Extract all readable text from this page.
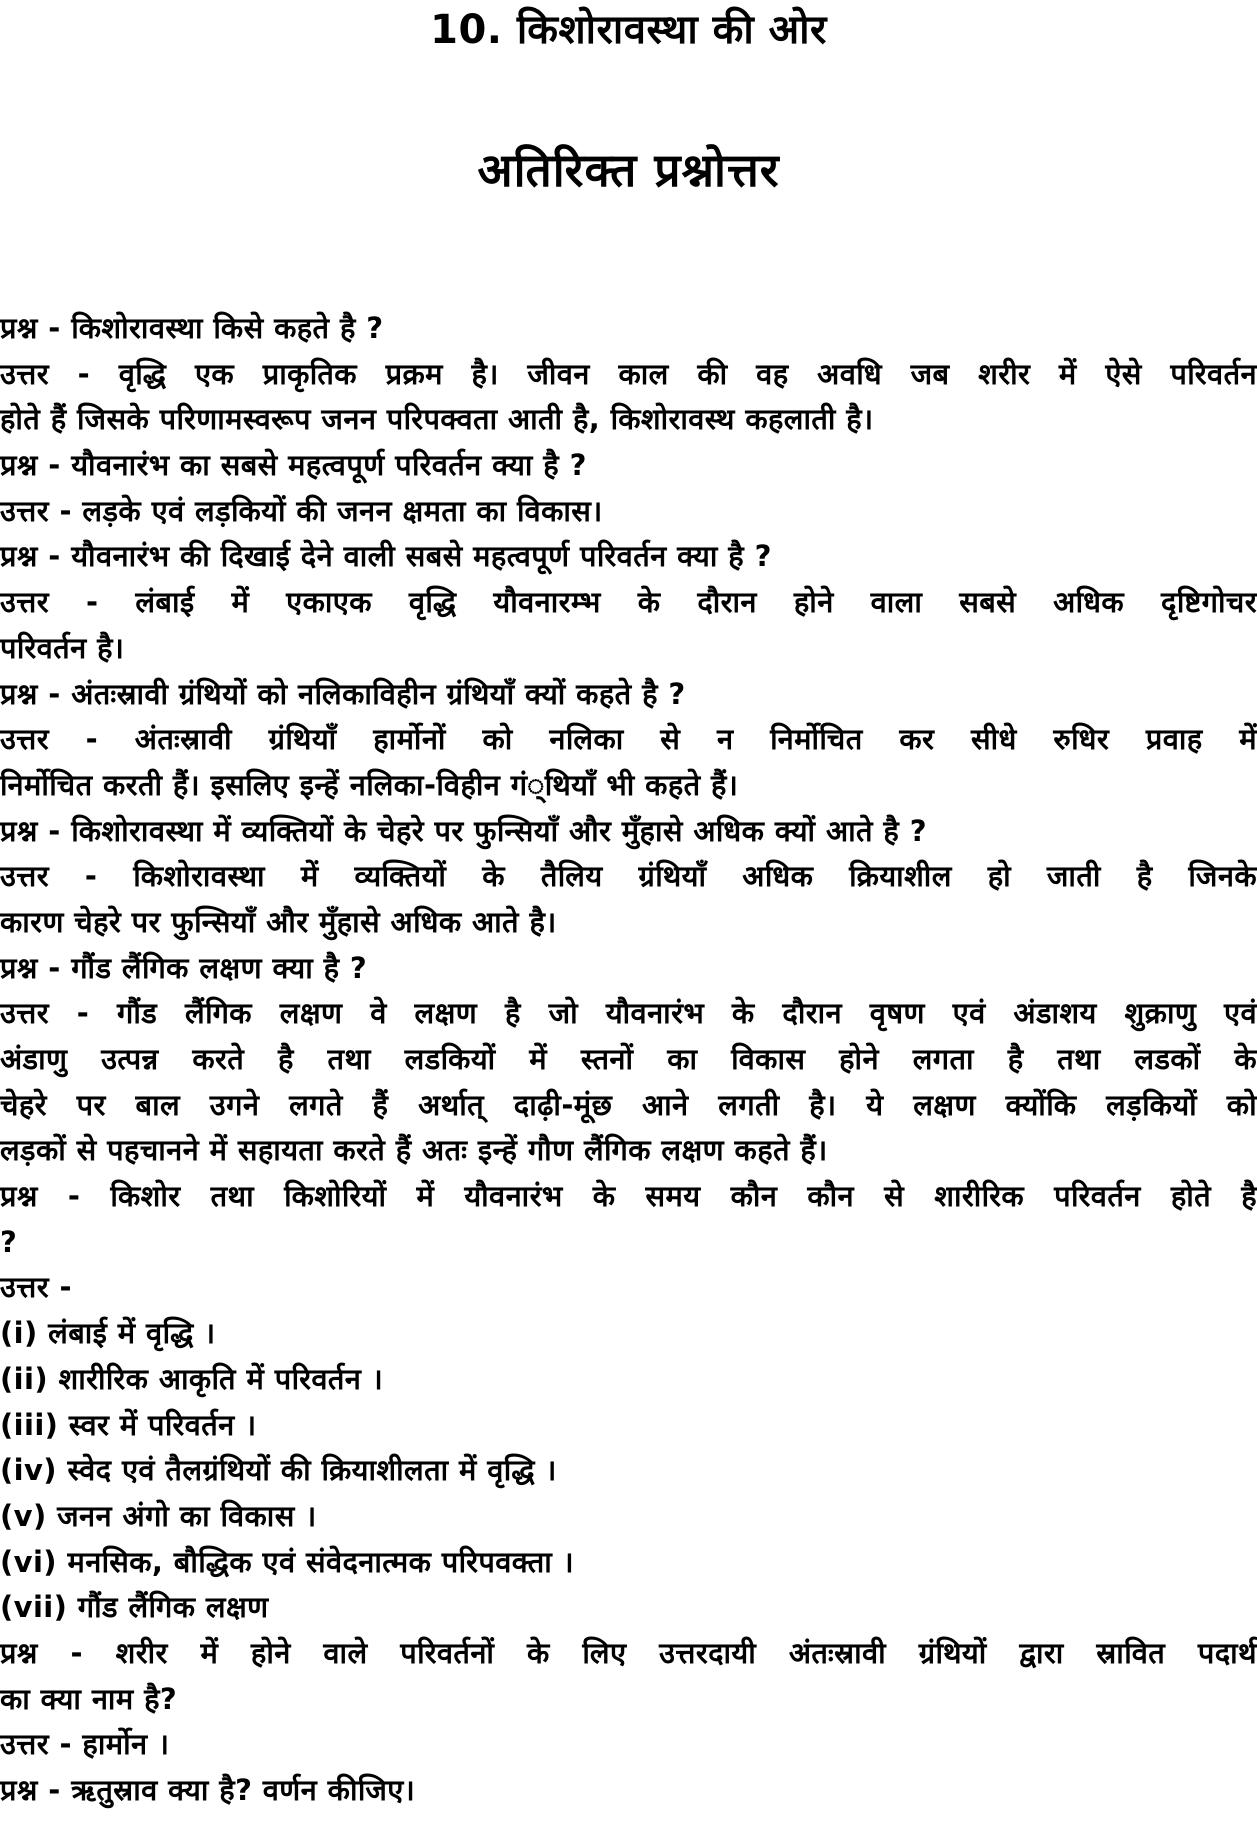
10. किशोरावस्था की ओर
अतिरिक्त प्रश्नोत्तर
प्रश्न - किशोरावस्था किसे कहते है ?
उत्तर - वृद्धि एक प्राकृतिक प्रक्रम है। जीवन काल की वह अवधि जब शरीर में ऐसे परिवर्तन
होते हैं जिसके परिणामस्वरूप जनन परिपक्वता आती है, किशोरावस्थ कहलाती है।
प्रश्न - यौवनारंभ का सबसे महत्वपूर्ण परिवर्तन क्या है ?
उत्तर - लड़के एवं लड़कियों की जनन क्षमता का विकास।
प्रश्न - यौवनारंभ की दिखाई देने वाली सबसे महत्वपूर्ण परिवर्तन क्या है ?
उत्तर - लंबाई में एकाएक वृद्धि यौवनारम्भ के दौरान होने वाला सबसे अधिक दृष्टिगोचर
परिवर्तन है।
प्रश्न - अंतःस्रावी ग्रंथियों को नलिकाविहीन ग्रंथियाँ क्यों कहते है ?
उत्तर - अंतःस्रावी ग्रंथियाँ हार्मोनों को नलिका से न निर्मोचित कर सीधे रुधिर प्रवाह में
निर्मोचित करती हैं। इसलिए इन्हें नलिका-विहीन गं्थियाँ भी कहते हैं।
प्रश्न - किशोरावस्था में व्यक्तियों के चेहरे पर फुन्सियाँ और मुँहासे अधिक क्यों आते है ?
उत्तर - किशोरावस्था में व्यक्तियों के तैलिय ग्रंथियाँ अधिक क्रियाशील हो जाती है जिनके
कारण चेहरे पर फुन्सियाँ और मुँहासे अधिक आते है।
प्रश्न - गौंड लैंगिक लक्षण क्या है ?
उत्तर - गौंड लैंगिक लक्षण वे लक्षण है जो यौवनारंभ के दौरान वृषण एवं अंडाशय शुक्राणु एवं
अंडाणु उत्पन्न करते है तथा लडकियों में स्तनों का विकास होने लगता है तथा लडकों के
चेहरे पर बाल उगने लगते हैं अर्थात् दाढ़ी-मूंछ आने लगती है। ये लक्षण क्योंकि लड़कियों को
लड़कों से पहचानने में सहायता करते हैं अतः इन्हें गौण लैंगिक लक्षण कहते हैं।
प्रश्न - किशोर तथा किशोरियों में यौवनारंभ के समय कौन कौन से शारीरिक परिवर्तन होते है
?
उत्तर -
(i) लंबाई में वृद्धि ।
(ii) शारीरिक आकृति में परिवर्तन ।
(iii) स्वर में परिवर्तन ।
(iv) स्वेद एवं तैलग्रंथियों की क्रियाशीलता में वृद्धि ।
(v) जनन अंगो का विकास ।
(vi) मनसिक, बौद्धिक एवं संवेदनात्मक परिपवक्ता ।
(vii) गौंड लैंगिक लक्षण
प्रश्न - शरीर में होने वाले परिवर्तनों के लिए उत्तरदायी अंतःस्रावी ग्रंथियों द्वारा स्रावित पदार्थ
का क्या नाम है?
उत्तर - हार्मोन ।
प्रश्न - ऋतुस्राव क्या है? वर्णन कीजिए।
